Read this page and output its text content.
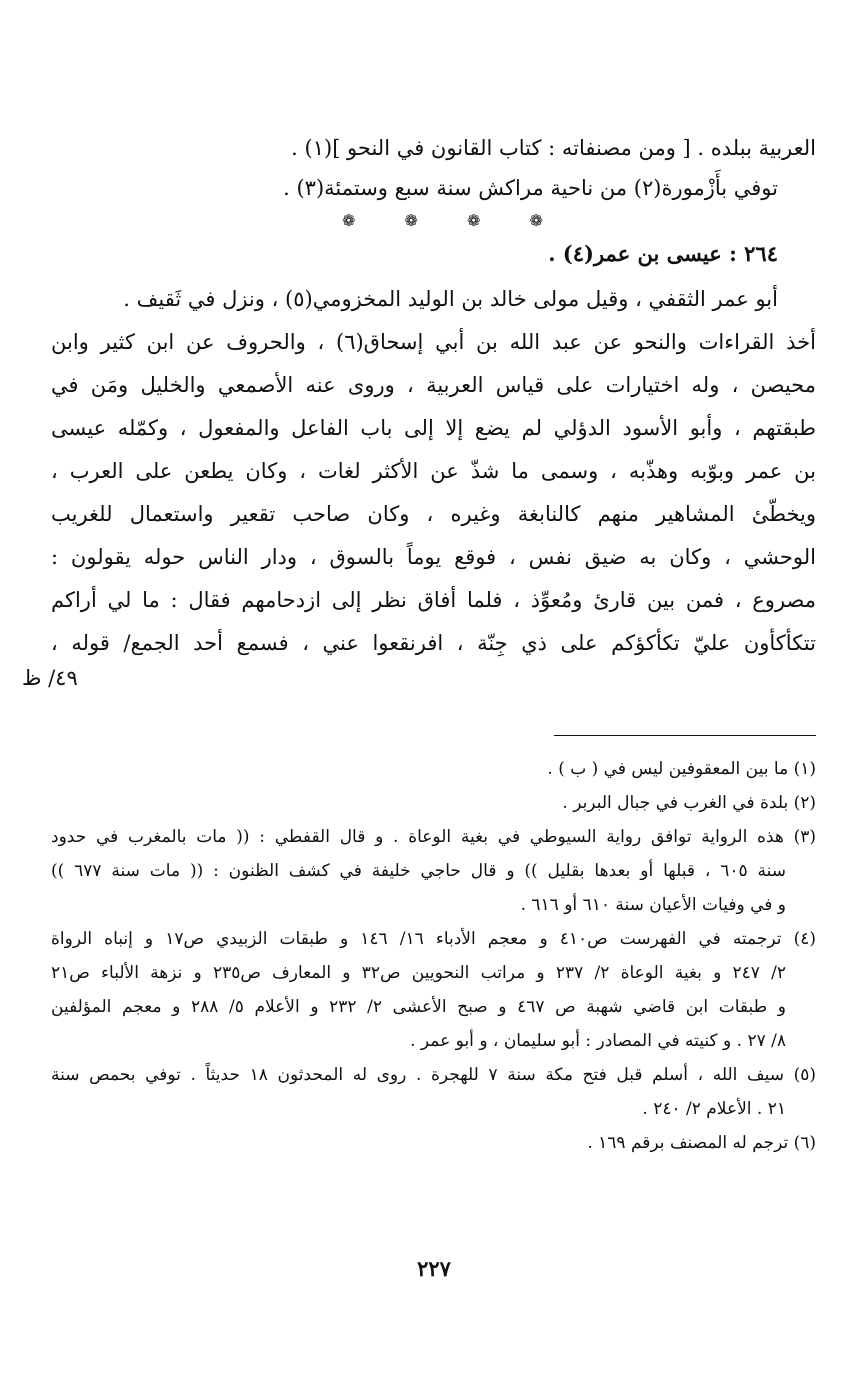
العربية ببلده . [ ومن مصنفاته : كتاب القانون في النحو ](١) .
توفي بأَزْمورة(٢) من ناحية مراكش سنة سبع وستمئة(٣) .
❁ ❁ ❁ ❁
٢٦٤ : عيسى بن عمر(٤) .
أبو عمر الثقفي ، وقيل مولى خالد بن الوليد المخزومي(٥) ، ونزل في ثَقيف .
أخذ القراءات والنحو عن عبد الله بن أبي إسحاق(٦) ، والحروف عن ابن كثير وابن
محيصن ، وله اختيارات على قياس العربية ، وروى عنه الأصمعي والخليل ومَن في
طبقتهم ، وأبو الأسود الدؤلي لم يضع إلا إلى باب الفاعل والمفعول ، وكمّله عيسى
بن عمر وبوّبه وهذّبه ، وسمى ما شذّ عن الأكثر لغات ، وكان يطعن على العرب ،
ويخطّئ المشاهير منهم كالنابغة وغيره ، وكان صاحب تقعير واستعمال للغريب
الوحشي ، وكان به ضيق نفس ، فوقع يوماً بالسوق ، ودار الناس حوله يقولون :
مصروع ، فمن بين قارئ ومُعوِّذ ، فلما أفاق نظر إلى ازدحامهم فقال : ما لي أراكم
تتكأكأون عليّ تكأكؤكم على ذي جِنّة ، افرنقعوا عني ، فسمع أحد الجمع/ قوله ،
٤٩/ ظ
(١) ما بين المعقوفين ليس في ( ب ) .
(٢) بلدة في الغرب في جبال البربر .
(٣) هذه الرواية توافق رواية السيوطي في بغية الوعاة . و قال القفطي : (( مات بالمغرب في حدود
سنة ٦٠٥ ، قبلها أو بعدها بقليل )) و قال حاجي خليفة في كشف الظنون : (( مات سنة ٦٧٧ ))
و في وفيات الأعيان سنة ٦١٠ أو ٦١٦ .
(٤) ترجمته في الفهرست ص٤١٠ و معجم الأدباء ١٦/ ١٤٦ و طبقات الزبيدي ص١٧ و إنباه الرواة
٢/ ٢٤٧ و بغية الوعاة ٢/ ٢٣٧ و مراتب النحويين ص٣٢ و المعارف ص٢٣٥ و نزهة الألباء ص٢١
و طبقات ابن قاضي شهبة ص ٤٦٧ و صبح الأعشى ٢/ ٢٣٢ و الأعلام ٥/ ٢٨٨ و معجم المؤلفين
٨/ ٢٧ . و كنيته في المصادر : أبو سليمان ، و أبو عمر .
(٥) سيف الله ، أسلم قبل فتح مكة سنة ٧ للهجرة . روى له المحدثون ١٨ حديثاً . توفي بحمص سنة
٢١ . الأعلام ٢/ ٢٤٠ .
(٦) ترجم له المصنف برقم ١٦٩ .
٢٢٧
